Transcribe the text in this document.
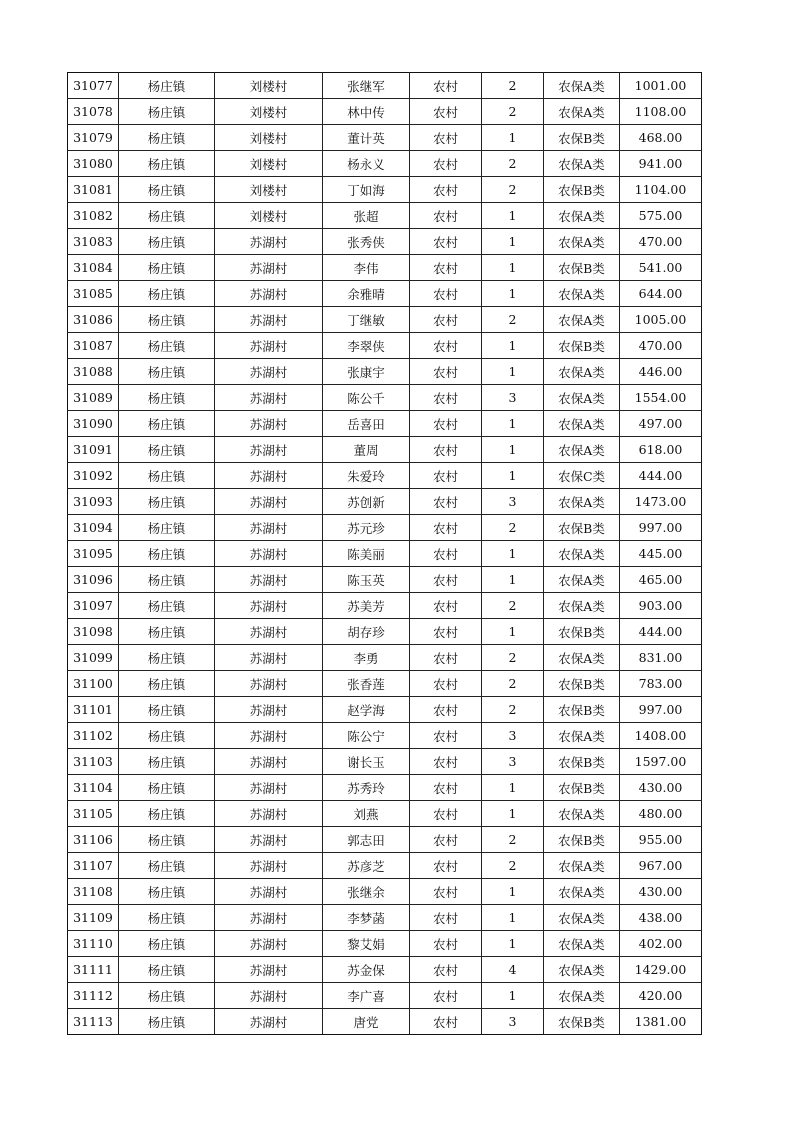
31077	杨庄镇	刘楼村	张继军	农村	2	农保A类	1001.00
31078	杨庄镇	刘楼村	林中传	农村	2	农保A类	1108.00
31079	杨庄镇	刘楼村	董计英	农村	1	农保B类	468.00
31080	杨庄镇	刘楼村	杨永义	农村	2	农保A类	941.00
31081	杨庄镇	刘楼村	丁如海	农村	2	农保B类	1104.00
31082	杨庄镇	刘楼村	张超	农村	1	农保A类	575.00
31083	杨庄镇	苏湖村	张秀侠	农村	1	农保A类	470.00
31084	杨庄镇	苏湖村	李伟	农村	1	农保B类	541.00
31085	杨庄镇	苏湖村	余雅晴	农村	1	农保A类	644.00
31086	杨庄镇	苏湖村	丁继敏	农村	2	农保A类	1005.00
31087	杨庄镇	苏湖村	李翠侠	农村	1	农保B类	470.00
31088	杨庄镇	苏湖村	张康宇	农村	1	农保A类	446.00
31089	杨庄镇	苏湖村	陈公千	农村	3	农保A类	1554.00
31090	杨庄镇	苏湖村	岳喜田	农村	1	农保A类	497.00
31091	杨庄镇	苏湖村	董周	农村	1	农保A类	618.00
31092	杨庄镇	苏湖村	朱爱玲	农村	1	农保C类	444.00
31093	杨庄镇	苏湖村	苏创新	农村	3	农保A类	1473.00
31094	杨庄镇	苏湖村	苏元珍	农村	2	农保B类	997.00
31095	杨庄镇	苏湖村	陈美丽	农村	1	农保A类	445.00
31096	杨庄镇	苏湖村	陈玉英	农村	1	农保A类	465.00
31097	杨庄镇	苏湖村	苏美芳	农村	2	农保A类	903.00
31098	杨庄镇	苏湖村	胡存珍	农村	1	农保B类	444.00
31099	杨庄镇	苏湖村	李勇	农村	2	农保A类	831.00
31100	杨庄镇	苏湖村	张香莲	农村	2	农保B类	783.00
31101	杨庄镇	苏湖村	赵学海	农村	2	农保B类	997.00
31102	杨庄镇	苏湖村	陈公宁	农村	3	农保A类	1408.00
31103	杨庄镇	苏湖村	谢长玉	农村	3	农保B类	1597.00
31104	杨庄镇	苏湖村	苏秀玲	农村	1	农保B类	430.00
31105	杨庄镇	苏湖村	刘燕	农村	1	农保A类	480.00
31106	杨庄镇	苏湖村	郭志田	农村	2	农保B类	955.00
31107	杨庄镇	苏湖村	苏彦芝	农村	2	农保A类	967.00
31108	杨庄镇	苏湖村	张继余	农村	1	农保A类	430.00
31109	杨庄镇	苏湖村	李梦菡	农村	1	农保A类	438.00
31110	杨庄镇	苏湖村	黎艾娟	农村	1	农保A类	402.00
31111	杨庄镇	苏湖村	苏金保	农村	4	农保A类	1429.00
31112	杨庄镇	苏湖村	李广喜	农村	1	农保A类	420.00
31113	杨庄镇	苏湖村	唐党	农村	3	农保B类	1381.00
